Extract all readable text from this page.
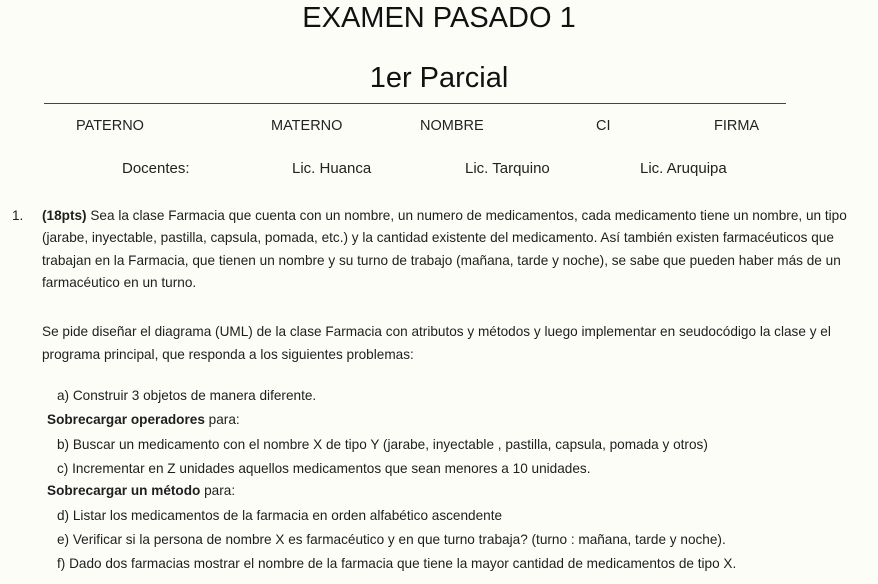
EXAMEN PASADO 1
1er Parcial
PATERNO	MATERNO	NOMBRE	CI	FIRMA
Docentes:	Lic. Huanca	Lic. Tarquino	Lic. Aruquipa
1. (18pts) Sea la clase Farmacia que cuenta con un nombre, un numero de medicamentos, cada medicamento tiene un nombre, un tipo (jarabe, inyectable, pastilla, capsula, pomada, etc.) y la cantidad existente del medicamento. Así también existen farmacéuticos que trabajan en la Farmacia, que tienen un nombre y su turno de trabajo (mañana, tarde y noche), se sabe que pueden haber más de un farmacéutico en un turno.
Se pide diseñar el diagrama (UML) de la clase Farmacia con atributos y métodos y luego implementar en seudocódigo la clase y el programa principal, que responda a los siguientes problemas:
a) Construir 3 objetos de manera diferente.
Sobrecargar operadores para:
b) Buscar un medicamento con el nombre X de tipo Y (jarabe, inyectable , pastilla, capsula, pomada y otros)
c) Incrementar en Z unidades aquellos medicamentos que sean menores a 10 unidades.
Sobrecargar un método para:
d) Listar los medicamentos de la farmacia en orden alfabético ascendente
e) Verificar si la persona de nombre X es farmacéutico y en que turno trabaja? (turno : mañana, tarde y noche).
f) Dado dos farmacias mostrar el nombre de la farmacia que tiene la mayor cantidad de medicamentos de tipo X.
